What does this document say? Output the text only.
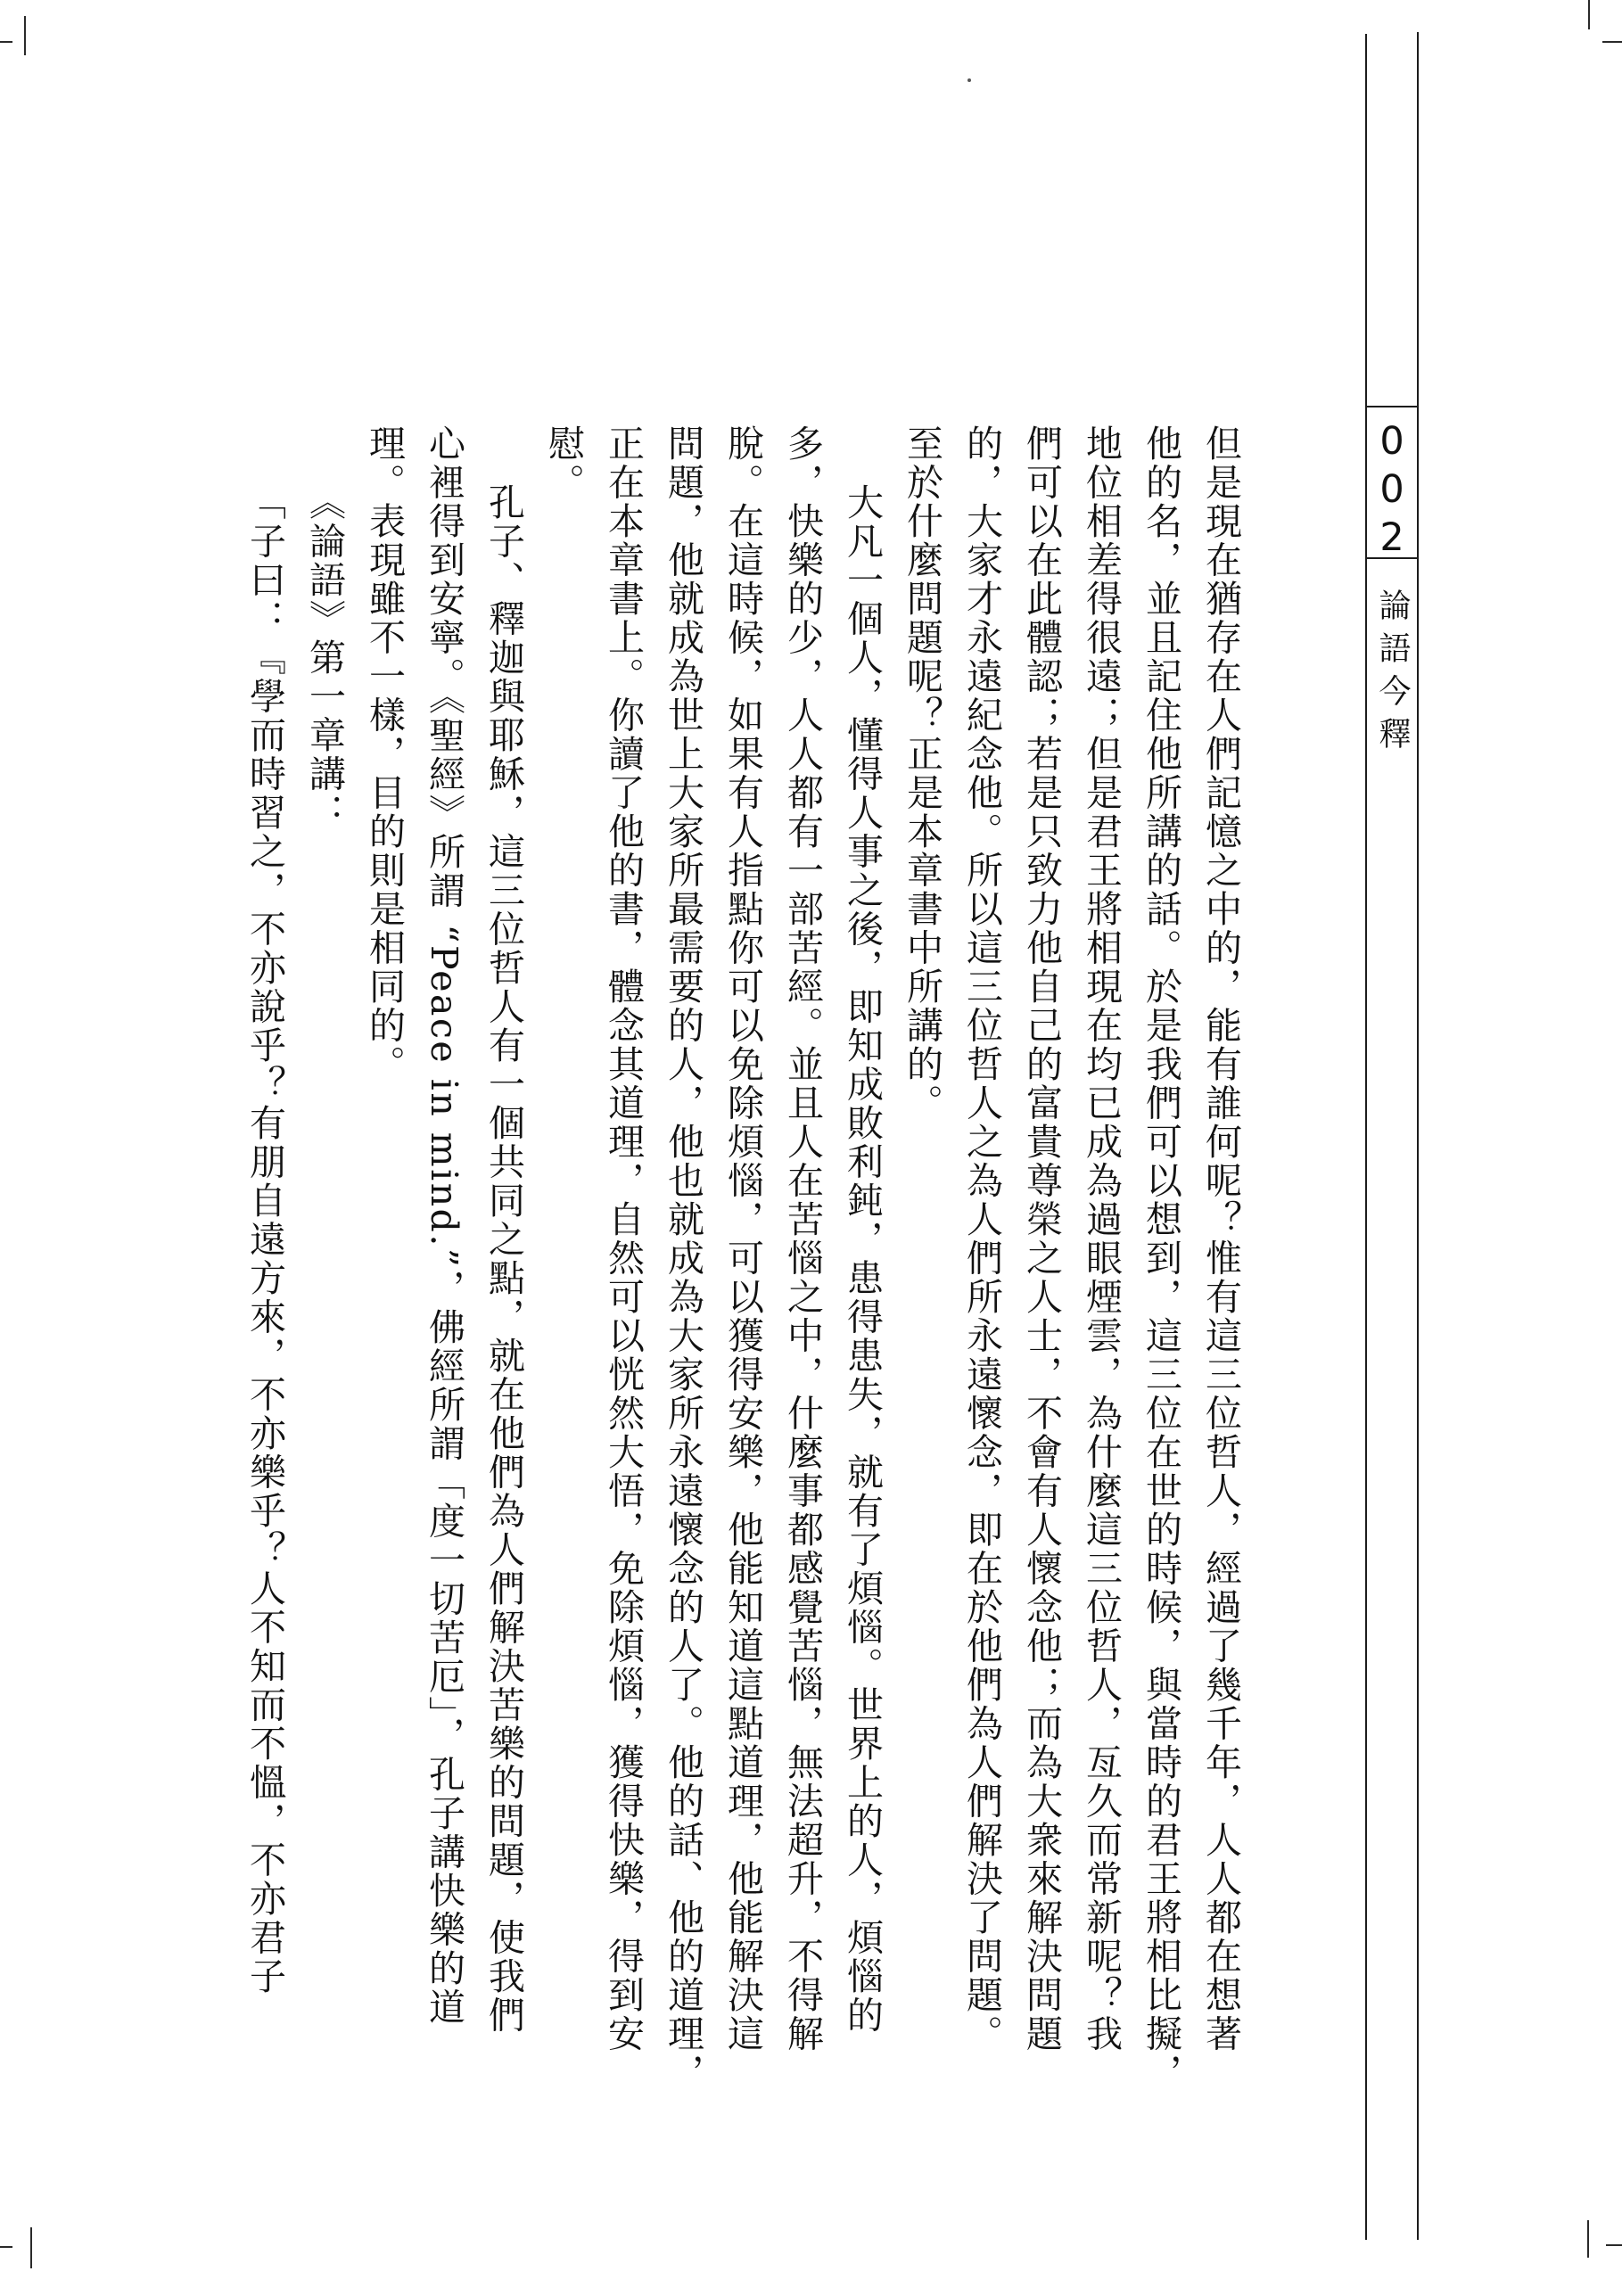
002
論語今釋
但是現在猶存在人們記憶之中的，能有誰何呢？惟有這三位哲人，經過了幾千年，人人都在想著
他的名，並且記住他所講的話。於是我們可以想到，這三位在世的時候，與當時的君王將相比擬，
地位相差得很遠；但是君王將相現在均已成為過眼煙雲，為什麼這三位哲人，亙久而常新呢？我
們可以在此體認；若是只致力他自己的富貴尊榮之人士，不會有人懷念他；而為大衆來解決問題
的，大家才永遠紀念他。所以這三位哲人之為人們所永遠懷念，即在於他們為人們解決了問題。
至於什麼問題呢？正是本章書中所講的。
大凡一個人，懂得人事之後，即知成敗利鈍，患得患失，就有了煩惱。世界上的人，煩惱的
多，快樂的少，人人都有一部苦經。並且人在苦惱之中，什麼事都感覺苦惱，無法超升，不得解
脫。在這時候，如果有人指點你可以免除煩惱，可以獲得安樂，他能知道這點道理，他能解決這
問題，他就成為世上大家所最需要的人，他也就成為大家所永遠懷念的人了。他的話、他的道理，
正在本章書上。你讀了他的書，體念其道理，自然可以恍然大悟，免除煩惱，獲得快樂，得到安
慰。
孔子、釋迦與耶穌，這三位哲人有一個共同之點，就在他們為人們解決苦樂的問題，使我們
心裡得到安寧。《聖經》所謂 “Peace in mind.”，佛經所謂「度一切苦厄」，孔子講快樂的道
理。表現雖不一樣，目的則是相同的。
《論語》第一章講：
「子曰：『學而時習之，不亦說乎？有朋自遠方來，不亦樂乎？人不知而不慍，不亦君子
